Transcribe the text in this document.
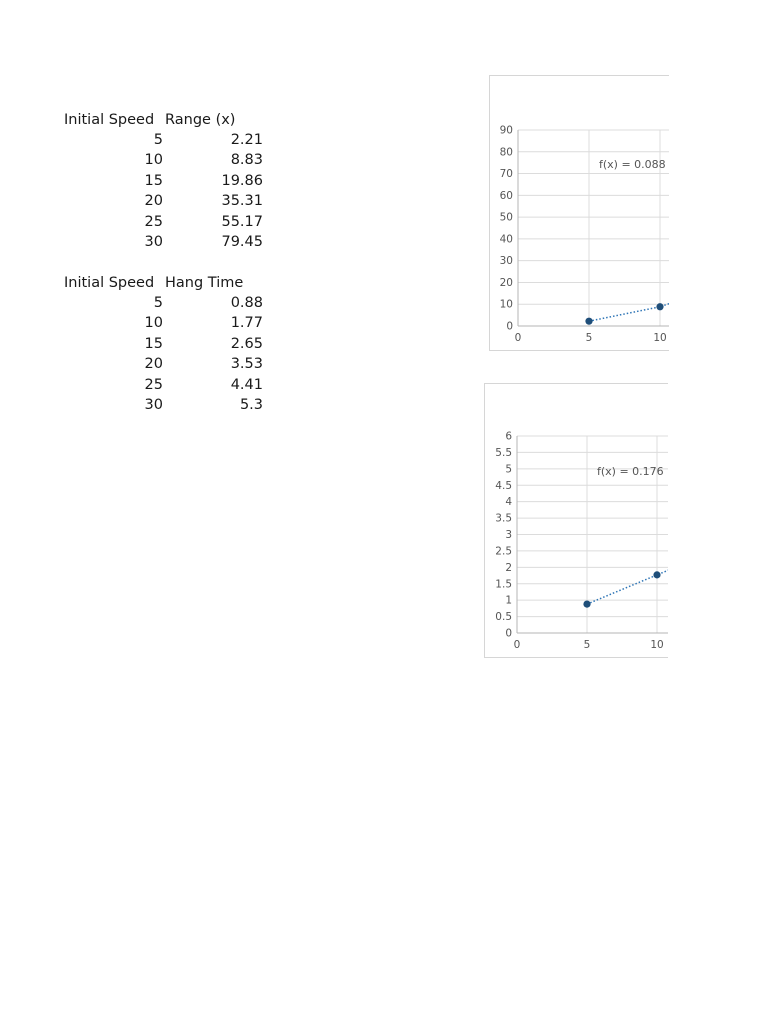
Initial Speed Range (x)
5	2.21
10	8.83
15	19.86
20	35.31
25	55.17
30	79.45
Initial Speed Hang Time
5	0.88
10	1.77
15	2.65
20	3.53
25	4.41
30	5.3
0
10
20
30
40
50
60
70
80
90
0	5	10
f(x) = 0.088
0
0.5
1
1.5
2
2.5
3
3.5
4
4.5
5
5.5
6
0	5	10
f(x) = 0.176
